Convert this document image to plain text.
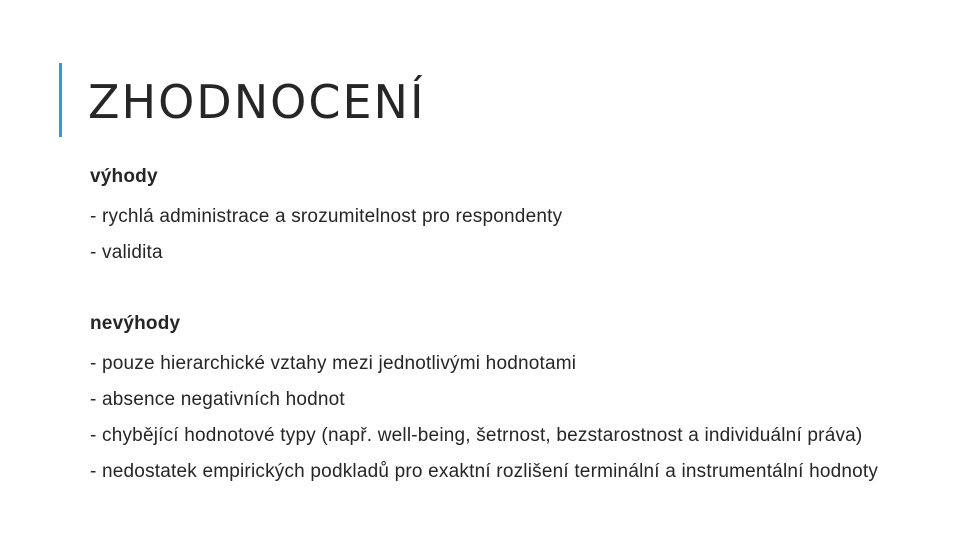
ZHODNOCENÍ

výhody

- rychlá administrace a srozumitelnost pro respondenty

- validita

nevýhody

- pouze hierarchické vztahy mezi jednotlivými hodnotami

- absence negativních hodnot

- chybějící hodnotové typy (např. well-being, šetrnost, bezstarostnost a individuální práva)

- nedostatek empirických podkladů pro exaktní rozlišení terminální a instrumentální hodnoty
